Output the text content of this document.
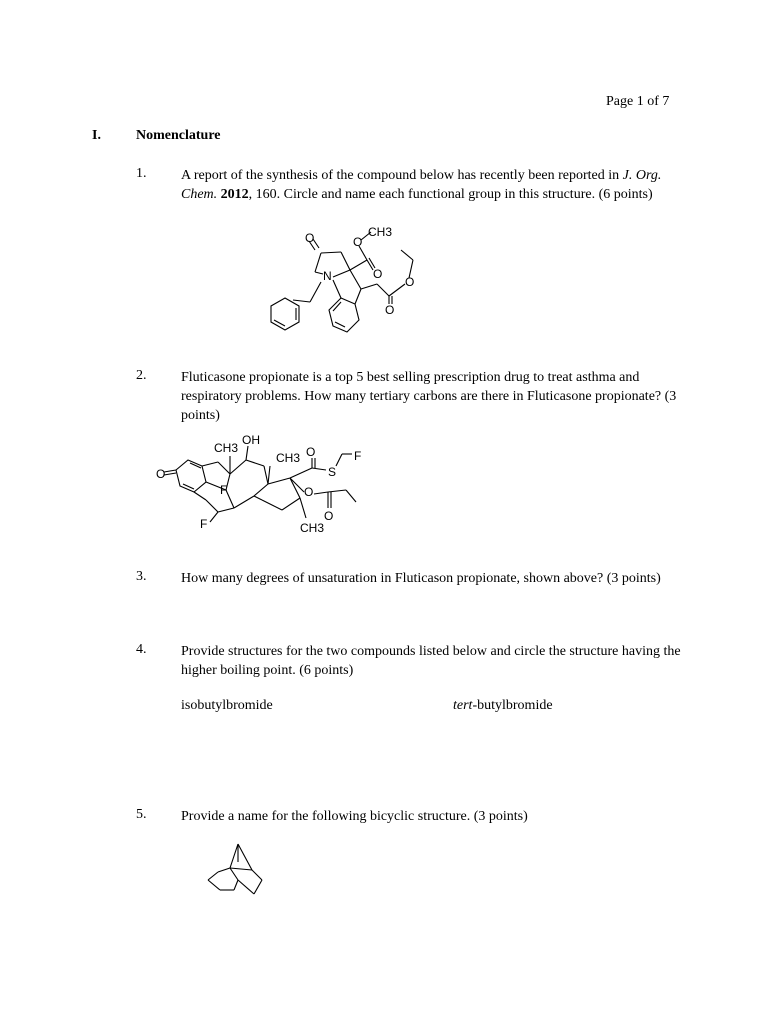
Page 1 of 7
I.	Nomenclature
1. A report of the synthesis of the compound below has recently been reported in J. Org. Chem. 2012, 160. Circle and name each functional group in this structure. (6 points)
O	O
CH3
N	O
O
O
2. Fluticasone propionate is a top 5 best selling prescription drug to treat asthma and respiratory problems. How many tertiary carbons are there in Fluticasone propionate? (3 points)
O
CH3
OH
CH3 O
S
F
F
F
O
O
CH3
3. How many degrees of unsaturation in Fluticason propionate, shown above? (3 points)
4. Provide structures for the two compounds listed below and circle the structure having the higher boiling point. (6 points)
isobutylbromide	tert-butylbromide
5. Provide a name for the following bicyclic structure. (3 points)
